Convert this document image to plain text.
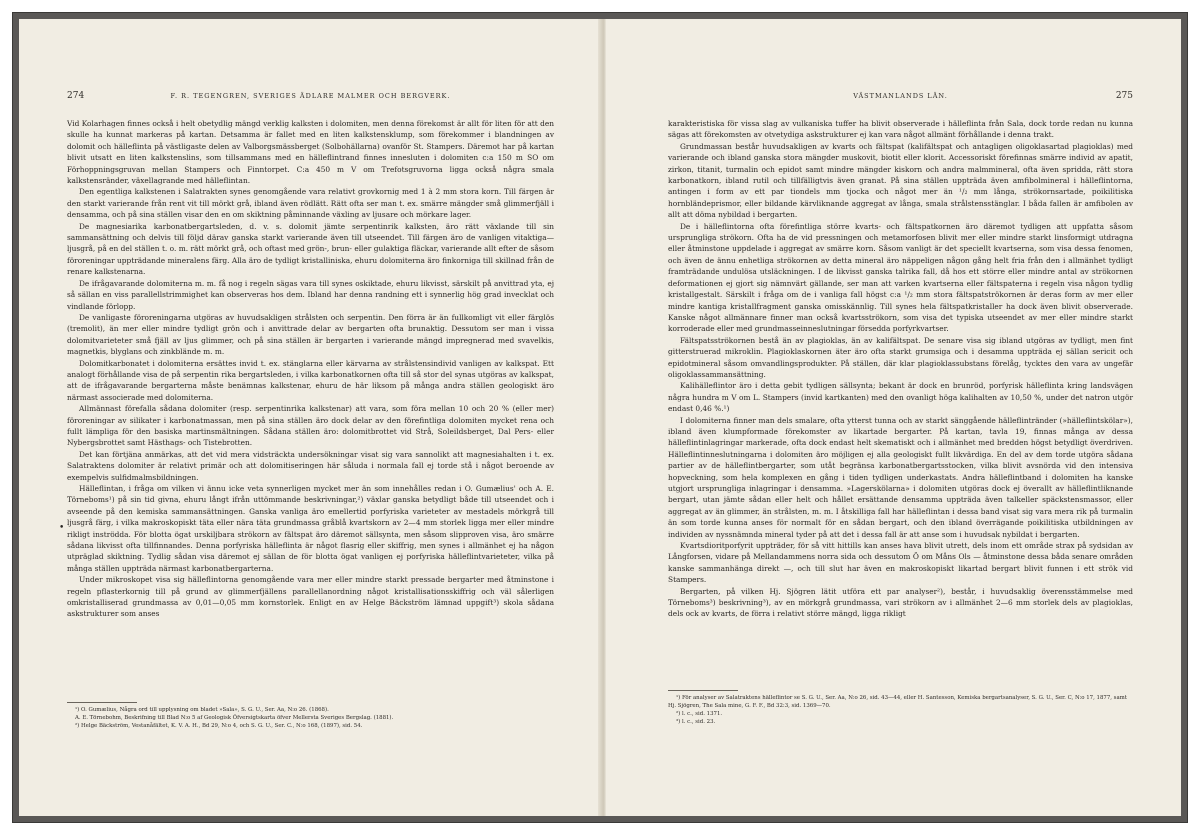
274	F. R. TEGENGREN, SVERIGES ÄDLARE MALMER OCH BERGVERK.
•

Vid Kolarhagen finnes också i helt obetydlig mängd verklig kalksten i dolomiten, men denna förekomst är allt för liten för att den skulle ha kunnat markeras på kartan. Detsamma är fallet med en liten kalkstensklump, som förekommer i blandningen av dolomit och hälleflinta på västligaste delen av Valborgsmässberget (Solbohällarna) ovanför St. Stampers. Däremot har på kartan blivit utsatt en liten kalkstenslins, som tillsammans med en hälleflintrand finnes innesluten i dolomiten c:a 150 m SO om Förhoppningsgruvan mellan Stampers och Finntorpet. C:a 450 m V om Trefotsgruvorna ligga också några smala kalkstensränder, växellagrande med hälleflintan.

Den egentliga kalkstenen i Salatrakten synes genomgående vara relativt grovkornig med 1 à 2 mm stora korn. Till färgen är den starkt varierande från rent vit till mörkt grå, ibland även rödlätt. Rätt ofta ser man t. ex. smärre mängder små glimmerfjäll i densamma, och på sina ställen visar den en om skiktning påminnande växling av ljusare och mörkare lager.

De magnesiarika karbonatbergartsleden, d. v. s. dolomit jämte serpentinrik kalksten, äro rätt växlande till sin sammansättning och delvis till följd därav ganska starkt varierande även till utseendet. Till färgen äro de vanligen vitaktiga—ljusgrå, på en del ställen t. o. m. rätt mörkt grå, och oftast med grön-, brun- eller gulaktiga fläckar, varierande allt efter de såsom föroreningar uppträdande mineralens färg. Alla äro de tydligt kristalliniska, ehuru dolomiterna äro finkorniga till skillnad från de renare kalkstenarna.

De ifrågavarande dolomiterna m. m. få nog i regeln sägas vara till synes oskiktade, ehuru likvisst, särskilt på anvittrad yta, ej så sällan en viss parallellstrimmighet kan observeras hos dem. Ibland har denna randning ett i synnerlig hög grad invecklat och vindlande förlopp.

De vanligaste föroreningarna utgöras av huvudsakligen strålsten och serpentin. Den förra är än fullkomligt vit eller färglös (tremolit), än mer eller mindre tydligt grön och i anvittrade delar av bergarten ofta brunaktig. Dessutom ser man i vissa dolomitvarieteter små fjäll av ljus glimmer, och på sina ställen är bergarten i varierande mängd impregnerad med svavelkis, magnetkis, blyglans och zinkblände m. m.

Dolomitkarbonatet i dolomiterna ersättes invid t. ex. stänglarna eller kärvarna av strålstensindivid vanligen av kalkspat. Ett analogt förhållande visa de på serpentin rika bergartsleden, i vilka karbonatkornen ofta till så stor del synas utgöras av kalkspat, att de ifrågavarande bergarterna måste benämnas kalkstenar, ehuru de här liksom på många andra ställen geologiskt äro närmast associerade med dolomiterna.

Allmännast förefalla sådana dolomiter (resp. serpentinrika kalkstenar) att vara, som föra mellan 10 och 20 % (eller mer) föroreningar av silikater i karbonatmassan, men på sina ställen äro dock delar av den förefintliga dolomiten mycket rena och fullt lämpliga för den basiska martinsmältningen. Sådana ställen äro: dolomitbrottet vid Strå, Soleildsberget, Dal Pers- eller Nybergsbrottet samt Hästhags- och Tistebrotten.

Det kan förtjäna anmärkas, att det vid mera vidsträckta undersökningar visat sig vara sannolikt att magnesiahalten i t. ex. Salatraktens dolomiter är relativt primär och att dolomitiseringen här såluda i normala fall ej torde stå i något beroende av exempelvis sulfidmalmsbildningen.

Hälleflintan, i fråga om vilken vi ännu icke veta synnerligen mycket mer än som innehålles redan i O. Gumælius' och A. E. Törneboms¹) på sin tid givna, ehuru långt ifrån uttömmande beskrivningar,²) växlar ganska betydligt både till utseendet och i avseende på den kemiska sammansättningen. Ganska vanliga äro emellertid porfyriska varieteter av mestadels mörkgrå till ljusgrå färg, i vilka makroskopiskt täta eller nära täta grundmassa gråblå kvartskorn av 2—4 mm storlek ligga mer eller mindre rikligt inströdda. För blotta ögat urskiljbara strökorn av fältspat äro däremot sällsynta, men såsom slipproven visa, äro smärre sådana likvisst ofta tillfinnandes. Denna porfyriska hälleflinta är något flasrig eller skiffrig, men synes i allmänhet ej ha någon utpräglad skiktning. Tydlig sådan visa däremot ej sällan de för blotta ögat vanligen ej porfyriska hälleflintvarieteter, vilka på många ställen uppträda närmast karbonatbergarterna.

Under mikroskopet visa sig hälleflintorna genomgående vara mer eller mindre starkt pressade bergarter med åtminstone i regeln pflasterkornig till på grund av glimmerfjällens parallellanordning något kristallisationsskiffrig och väl sålerligen omkristalliserad grundmassa av 0,01—0,05 mm kornstorlek. Enligt en av Helge Bäckström lämnad uppgift³) skola sådana askstrukturer som anses

¹) O. Gumælius, Några ord till upplysning om bladet »Sala», S. G. U., Ser. Aa, N:o 26. (1868).

A. E. Törnebohm, Beskrifning till Blad N:o 5 af Geologisk Öfversigtskarta öfver Mellersta Sveriges Bergslag. (1881).

²) Helge Bäckström, Vestanåfältet, K. V. A. H., Bd 29, N:o 4, och S. G. U., Ser. C., N:o 168, (1897), sid. 54.

VÄSTMANLANDS LÄN.	275

karakteristiska för vissa slag av vulkaniska tuffer ha blivit observerade i hälleflinta från Sala, dock torde redan nu kunna sägas att förekomsten av otvetydiga askstrukturer ej kan vara något allmänt förhållande i denna trakt.

Grundmassan består huvudsakligen av kvarts och fältspat (kalifältspat och antagligen oligoklasartad plagioklas) med varierande och ibland ganska stora mängder muskovit, biotit eller klorit. Accessoriskt förefinnas smärre individ av apatit, zirkon, titanit, turmalin och epidot samt mindre mängder kiskorn och andra malmmineral, ofta även spridda, rätt stora karbonatkorn, ibland rutil och tillfälligtvis även granat. På sina ställen uppträda även amfibolmineral i hälleflintorna, antingen i form av ett par tiondels mm tjocka och något mer än ¹/₂ mm långa, strökornsartade, poikilitiska hornbländeprismor, eller bildande kärvliknande aggregat av långa, smala strålstensstänglar. I båda fallen är amfibolen av allt att döma nybildad i bergarten.

De i hälleflintorna ofta förefintliga större kvarts- och fältspatkornen äro däremot tydligen att uppfatta såsom ursprungliga strökorn. Ofta ha de vid pressningen och metamorfosen blivit mer eller mindre starkt linsformigt utdragna eller åtminstone uppdelade i aggregat av smärre korn. Såsom vanligt är det speciellt kvartserna, som visa dessa fenomen, och även de ännu enhetliga strökornen av detta mineral äro näppeligen någon gång helt fria från den i allmänhet tydligt framträdande undulösa utsläckningen. I de likvisst ganska talrika fall, då hos ett större eller mindre antal av strökornen deformationen ej gjort sig nämnvärt gällande, ser man att varken kvartserna eller fältspaterna i regeln visa någon tydlig kristallgestalt. Särskilt i fråga om de i vanliga fall högst c:a ¹/₂ mm stora fältspatströkornen är deras form av mer eller mindre kantiga kristallfragment ganska omisskännlig. Till synes hela fältspatkristaller ha dock även blivit observerade. Kanske något allmännare finner man också kvartsströkorn, som visa det typiska utseendet av mer eller mindre starkt korroderade eller med grundmasseinneslutningar försedda porfyrkvartser.

Fältspatsströkornen bestå än av plagioklas, än av kalifältspat. De senare visa sig ibland utgöras av tydligt, men fint gitterstruerad mikroklin. Plagioklaskornen äter äro ofta starkt grumsiga och i desamma uppträda ej sällan sericit och epidotmineral såsom omvandlingsprodukter. På ställen, där klar plagioklassubstans förelåg, tycktes den vara av ungefär oligoklassammansättning.

Kalihälleflintor äro i detta gebit tydligen sällsynta; bekant är dock en brunröd, porfyrisk hälleflinta kring landsvägen några hundra m V om L. Stampers (invid kartkanten) med den ovanligt höga kalihalten av 10,50 %, under det natron utgör endast 0,46 %.¹)

I dolomiterna finner man dels smalare, ofta ytterst tunna och av starkt sänggående hälleflintränder (»hälleflintskölar»), ibland även klumpformade förekomster av likartade bergarter. På kartan, tavla 19, finnas många av dessa hälleflintinlagringar markerade, ofta dock endast helt skematiskt och i allmänhet med bredden högst betydligt överdriven. Hälleflintinneslutningarna i dolomiten äro möjligen ej alla geologiskt fullt likvärdiga. En del av dem torde utgöra sådana partier av de hälleflintbergarter, som utåt begränsa karbonatbergartsstocken, vilka blivit avsnörda vid den intensiva hopveckning, som hela komplexen en gång i tiden tydligen underkastats. Andra hälleflintband i dolomiten ha kanske utgjort ursprungliga inlagringar i densamma. »Lagerskölarna» i dolomiten utgöras dock ej överallt av hälleflintliknande bergart, utan jämte sådan eller helt och hållet ersättande densamma uppträda även talkeller späckstensmassor, eller aggregat av än glimmer, än strålsten, m. m. I åtskilliga fall har hälleflintan i dessa band visat sig vara mera rik på turmalin än som torde kunna anses för normalt för en sådan bergart, och den ibland överrägande poikilitiska utbildningen av individen av nyssnämnda mineral tyder på att det i dessa fall är att anse som i huvudsak nybildat i bergarten.

Kvartsdioritporfyrit uppträder, för så vitt hittills kan anses hava blivit utrett, dels inom ett område strax på sydsidan av Långforsen, vidare på Mellandammens norra sida och dessutom Ö om Måns Ols — åtminstone dessa båda senare områden kanske sammanhänga direkt —, och till slut har även en makroskopiskt likartad bergart blivit funnen i ett strök vid Stampers.

Bergarten, på vilken Hj. Sjögren lätit utföra ett par analyser²), består, i huvudsaklig överensstämmelse med Törneboms³) beskrivning³), av en mörkgrå grundmassa, vari strökorn av i allmänhet 2—6 mm storlek dels av plagioklas, dels ock av kvarts, de förra i relativt större mängd, ligga rikligt

¹) För analyser av Salatraktens hälleflintor se S. G. U., Ser. Aa, N:o 26, sid. 43—44, eller H. Santesson, Kemiska bergartsanalyser, S. G. U., Ser. C, N:o 17, 1877, samt Hj. Sjögren, The Sala mine, G. F. F., Bd 32:3, sid. 1369—70.

²) l. c., sid. 1371.

³) l. c., sid. 23.
